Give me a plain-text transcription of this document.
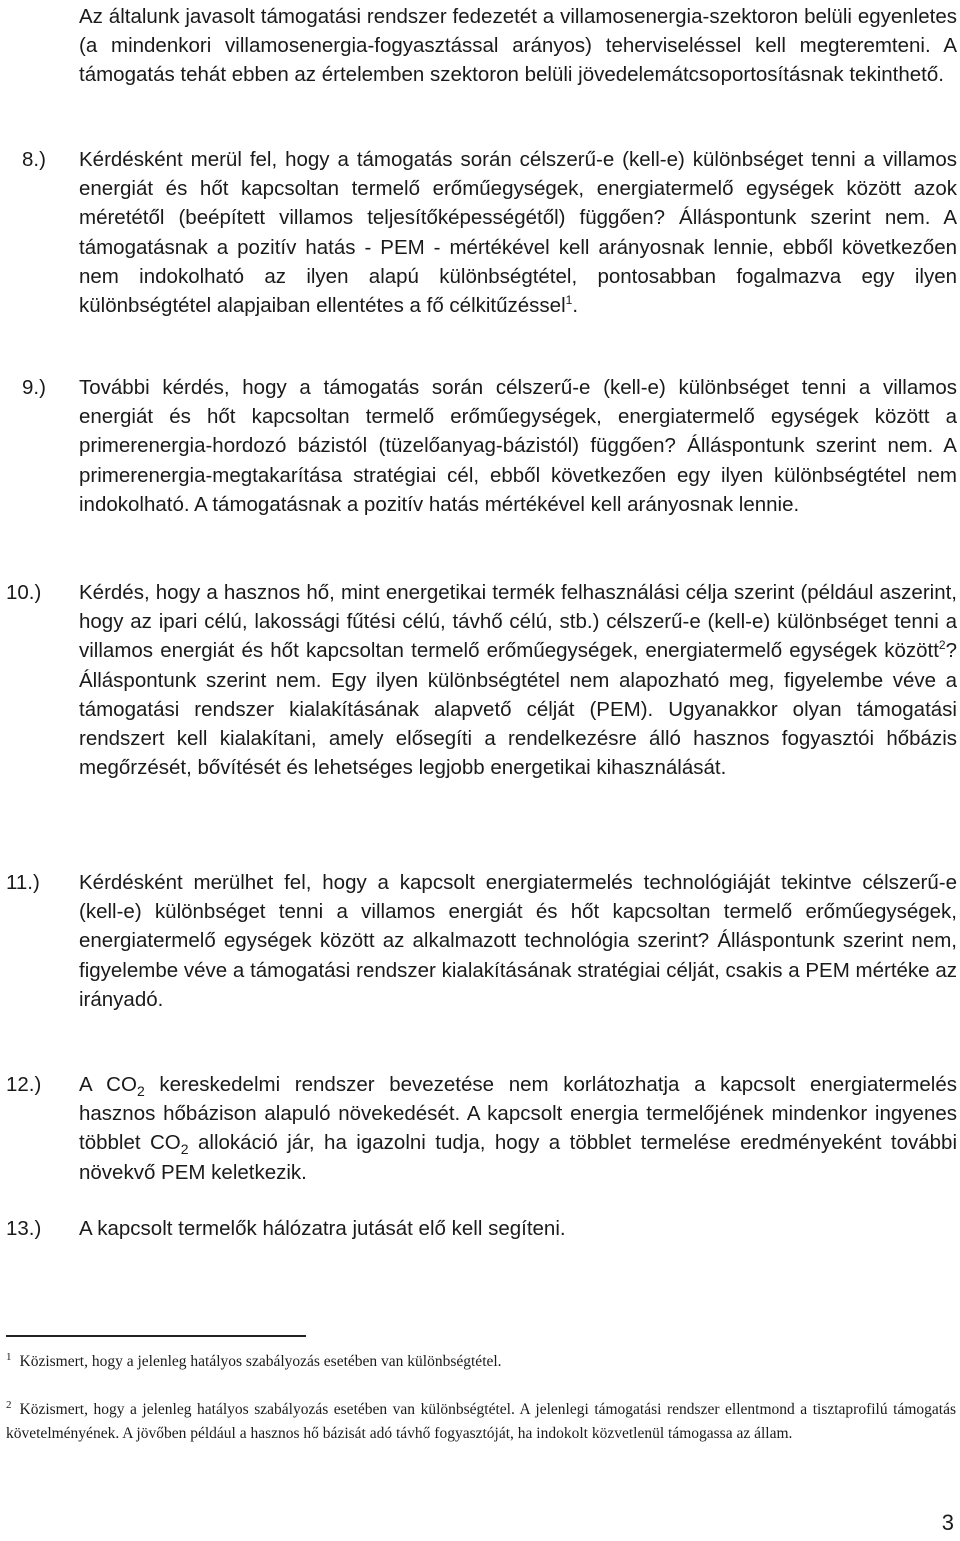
Az általunk javasolt támogatási rendszer fedezetét a villamosenergia-szektoron belüli egyenletes (a mindenkori villamosenergia-fogyasztással arányos) teherviseléssel kell megteremteni. A támogatás tehát ebben az értelemben szektoron belüli jövedelemátcsoportosításnak tekinthető.
8.)	Kérdésként merül fel, hogy a támogatás során célszerű-e (kell-e) különbséget tenni a villamos energiát és hőt kapcsoltan termelő erőműegységek, energiatermelő egységek között azok méretétől (beépített villamos teljesítőképességétől) függően? Álláspontunk szerint nem. A támogatásnak a pozitív hatás - PEM - mértékével kell arányosnak lennie, ebből következően nem indokolható az ilyen alapú különbségtétel, pontosabban fogalmazva egy ilyen különbségtétel alapjaiban ellentétes a fő célkitűzéssel$^1$.
9.)	További kérdés, hogy a támogatás során célszerű-e (kell-e) különbséget tenni a villamos energiát és hőt kapcsoltan termelő erőműegységek, energiatermelő egységek között a primerenergia-hordozó bázistól (tüzelőanyag-bázistól) függően? Álláspontunk szerint nem. A primerenergia-megtakarítása stratégiai cél, ebből következően egy ilyen különbségtétel nem indokolható. A támogatásnak a pozitív hatás mértékével kell arányosnak lennie.
10.)	Kérdés, hogy a hasznos hő, mint energetikai termék felhasználási célja szerint (például aszerint, hogy az ipari célú, lakossági fűtési célú, távhő célú, stb.) célszerű-e (kell-e) különbséget tenni a villamos energiát és hőt kapcsoltan termelő erőműegységek, energiatermelő egységek között$^2$? Álláspontunk szerint nem. Egy ilyen különbségtétel nem alapozható meg, figyelembe véve a támogatási rendszer kialakításának alapvető célját (PEM). Ugyanakkor olyan támogatási rendszert kell kialakítani, amely elősegíti a rendelkezésre álló hasznos fogyasztói hőbázis megőrzését, bővítését és lehetséges legjobb energetikai kihasználását.
11.)	Kérdésként merülhet fel, hogy a kapcsolt energiatermelés technológiáját tekintve célszerű-e (kell-e) különbséget tenni a villamos energiát és hőt kapcsoltan termelő erőműegységek, energiatermelő egységek között az alkalmazott technológia szerint? Álláspontunk szerint nem, figyelembe véve a támogatási rendszer kialakításának stratégiai célját, csakis a PEM mértéke az irányadó.
12.)	A $CO_2$ kereskedelmi rendszer bevezetése nem korlátozhatja a kapcsolt energiatermelés hasznos hőbázison alapuló növekedését. A kapcsolt energia termelőjének mindenkor ingyenes többlet $CO_2$ allokáció jár, ha igazolni tudja, hogy a többlet termelése eredményeként további növekvő PEM keletkezik.
13.)	A kapcsolt termelők hálózatra jutását elő kell segíteni.
$^1$ Közismert, hogy a jelenleg hatályos szabályozás esetében van különbségtétel.
$^2$ Közismert, hogy a jelenleg hatályos szabályozás esetében van különbségtétel. A jelenlegi támogatási rendszer ellentmond a tisztaprofilú támogatás követelményének. A jövőben például a hasznos hő bázisát adó távhő fogyasztóját, ha indokolt közvetlenül támogassa az állam.
3
